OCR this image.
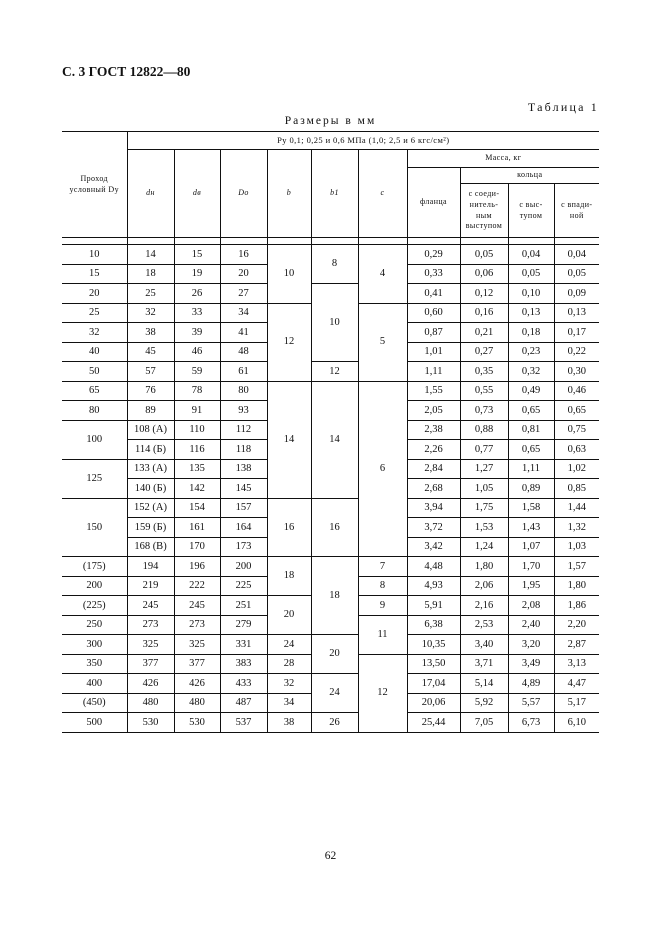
С. 3 ГОСТ 12822—80
Таблица 1
Размеры в мм
Проход условный Dу	Pу 0,1; 0,25 и 0,6 МПа (1,0; 2,5 и 6 кгс/см²)									
	dн	dв	Dо	b	b1	c	Масса, кг			
							фланца	кольца		
								с соеди-нитель-ным выступом	с выс-тупом	с впади-ной

10	14	15	16	10	8	4	0,29	0,05	0,04	0,04
15	18	19	20				0,33	0,06	0,05	0,05
20	25	26	27		10		0,41	0,12	0,10	0,09
25	32	33	34	12		5	0,60	0,16	0,13	0,13
32	38	39	41				0,87	0,21	0,18	0,17
40	45	46	48				1,01	0,27	0,23	0,22
50	57	59	61		12		1,11	0,35	0,32	0,30
65	76	78	80	14	14	6	1,55	0,55	0,49	0,46
80	89	91	93				2,05	0,73	0,65	0,65
100	108 (А)	110	112				2,38	0,88	0,81	0,75
	114 (Б)	116	118				2,26	0,77	0,65	0,63
125	133 (А)	135	138				2,84	1,27	1,11	1,02
	140 (Б)	142	145				2,68	1,05	0,89	0,85
150	152 (А)	154	157	16	16		3,94	1,75	1,58	1,44
	159 (Б)	161	164				3,72	1,53	1,43	1,32
	168 (В)	170	173				3,42	1,24	1,07	1,03
(175)	194	196	200	18	18	7	4,48	1,80	1,70	1,57
200	219	222	225			8	4,93	2,06	1,95	1,80
(225)	245	245	251	20		9	5,91	2,16	2,08	1,86
250	273	273	279			11	6,38	2,53	2,40	2,20
300	325	325	331	24	20		10,35	3,40	3,20	2,87
350	377	377	383	28		12	13,50	3,71	3,49	3,13
400	426	426	433	32	24		17,04	5,14	4,89	4,47
(450)	480	480	487	34			20,06	5,92	5,57	5,17
500	530	530	537	38	26		25,44	7,05	6,73	6,10
62
